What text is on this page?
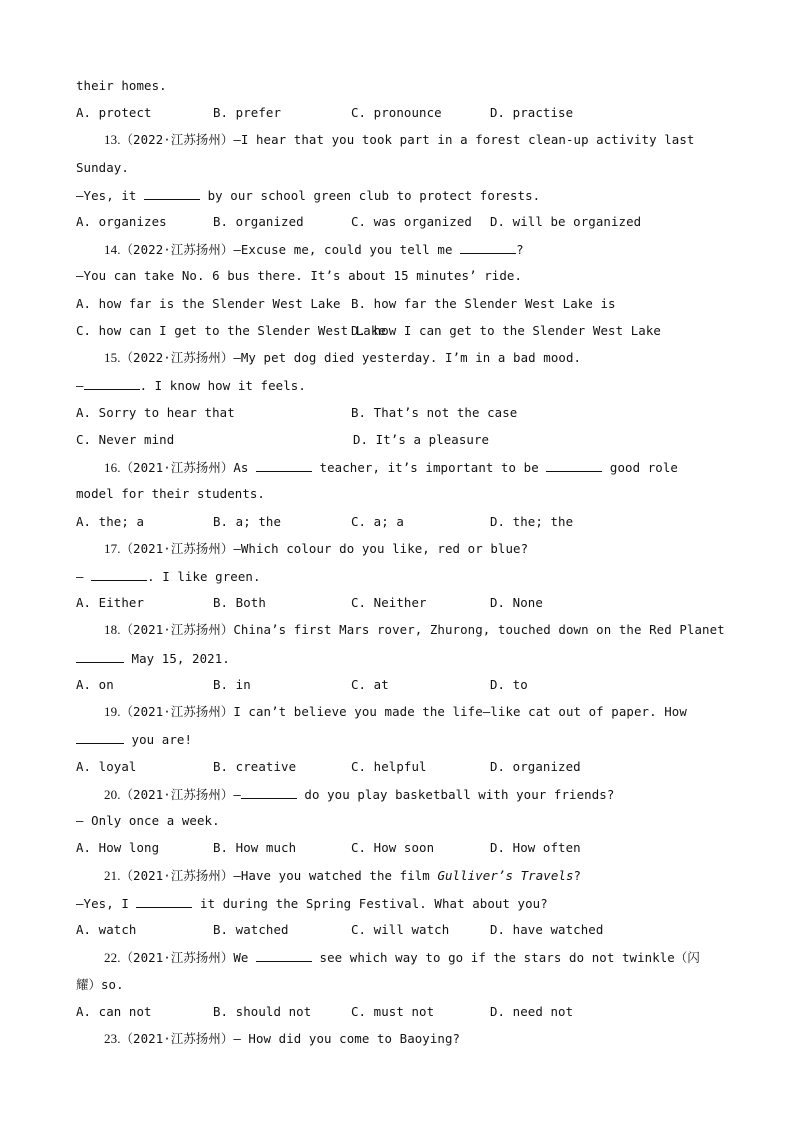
their homes.
A. protect	B. prefer	C. pronounce	D. practise
13.（2022·江苏扬州）—I hear that you took part in a forest clean-up activity last
Sunday.
—Yes, it	by our school green club to protect forests.
A. organizes	B. organized	C. was organized D. will be organized
14.（2022·江苏扬州）—Excuse me, could you tell me	?
—You can take No. 6 bus there. It’s about 15 minutes’ ride.
A. how far is the Slender West Lake B. how far the Slender West Lake is
C. how can I get to the Slender West Lake
D. how I can get to the Slender West Lake
15.（2022·江苏扬州）—My pet dog died yesterday. I’m in a bad mood.
—	. I know how it feels.
A. Sorry to hear that	B. That’s not the case
C. Never mind	D. It’s a pleasure
16.（2021·江苏扬州）As	teacher, it’s important to be	good role
model for their students.
A. the; a	B. a; the	C. a; a	D. the; the
17.（2021·江苏扬州）—Which colour do you like, red or blue?
—	. I like green.
A. Either	B. Both	C. Neither	D. None
18.（2021·江苏扬州）China’s first Mars rover, Zhurong, touched down on the Red Planet
May 15, 2021.
A. on	B. in	C. at	D. to
19.（2021·江苏扬州）I can’t believe you made the life—like cat out of paper. How
you are!
A. loyal	B. creative	C. helpful	D. organized
20.（2021·江苏扬州）—	do you play basketball with your friends?
— Only once a week.
A. How long	B. How much	C. How soon	D. How often
21.（2021·江苏扬州）—Have you watched the film Gulliver’s Travels?
—Yes, I	it during the Spring Festival. What about you?
A. watch	B. watched	C. will watch	D. have watched
22.（2021·江苏扬州）We	see which way to go if the stars do not twinkle（闪
耀）so.
A. can not	B. should not	C. must not	D. need not
23.（2021·江苏扬州）— How did you come to Baoying?
